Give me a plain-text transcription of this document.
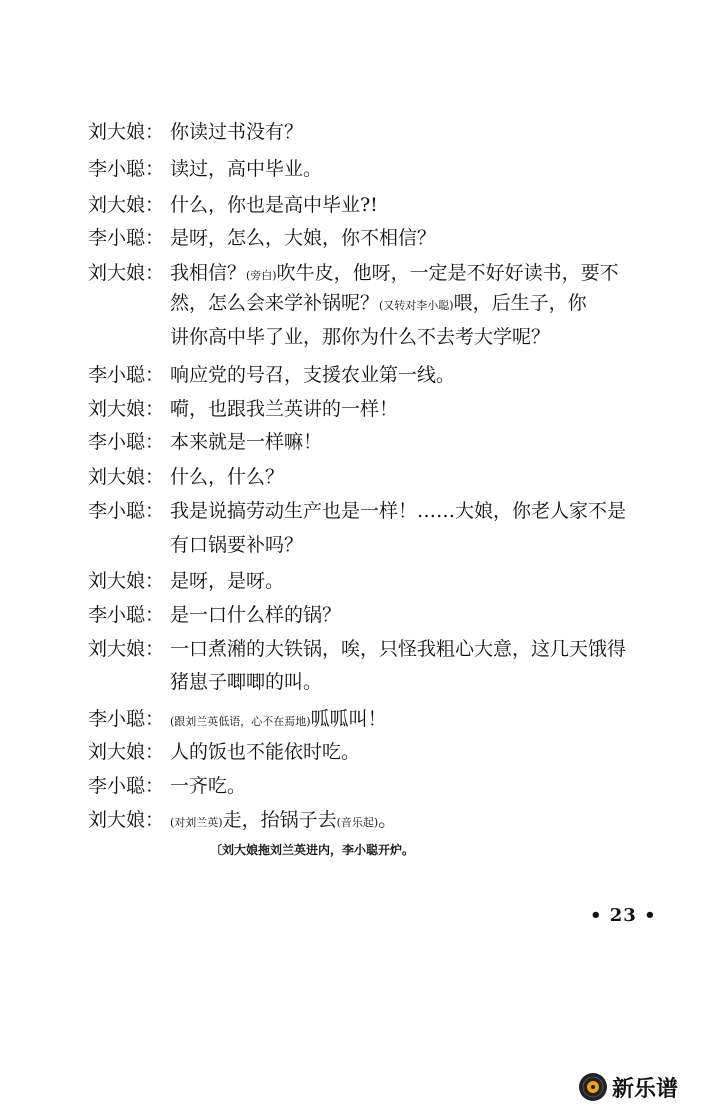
刘大娘： 你读过书没有？
李小聪： 读过，高中毕业。
刘大娘： 什么，你也是高中毕业?!
李小聪： 是呀，怎么，大娘，你不相信？
刘大娘： 我相信？(旁白)吹牛皮，他呀，一定是不好好读书，要不
然，怎么会来学补锅呢？(又转对李小聪)喂，后生子，你
讲你高中毕了业，那你为什么不去考大学呢？
李小聪： 响应党的号召，支援农业第一线。
刘大娘： 嗬，也跟我兰英讲的一样！
李小聪： 本来就是一样嘛！
刘大娘： 什么，什么？
李小聪： 我是说搞劳动生产也是一样！……大娘，你老人家不是
有口锅要补吗？
刘大娘： 是呀，是呀。
李小聪： 是一口什么样的锅？
刘大娘： 一口煮潲的大铁锅，唉，只怪我粗心大意，这几天饿得
猪崽子唧唧的叫。
李小聪： (跟刘兰英低语，心不在焉地)呱呱叫！
刘大娘： 人的饭也不能依时吃。
李小聪： 一齐吃。
刘大娘： (对刘兰英)走，抬锅子去(音乐起)。
〔刘大娘拖刘兰英进内，李小聪开炉。
• 23 •
新乐谱
